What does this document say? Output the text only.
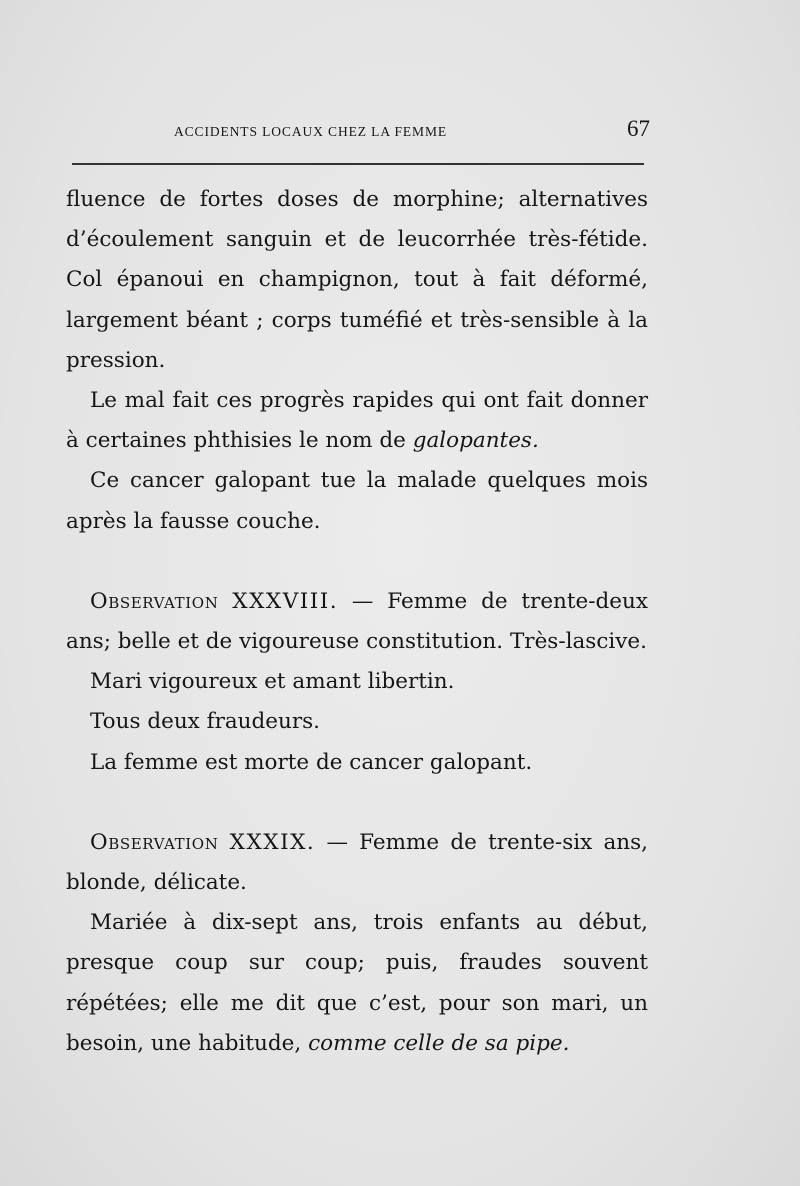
ACCIDENTS LOCAUX CHEZ LA FEMME	67

fluence de fortes doses de morphine; alternatives d’écoulement sanguin et de leucorrhée très-fétide. Col épanoui en champignon, tout à fait déformé, largement béant ; corps tuméfié et très-sensible à la pression.

Le mal fait ces progrès rapides qui ont fait donner à certaines phthisies le nom de galopantes.

Ce cancer galopant tue la malade quelques mois après la fausse couche.

Observation XXXVIII. — Femme de trente-deux ans; belle et de vigoureuse constitution. Très-lascive.

Mari vigoureux et amant libertin.

Tous deux fraudeurs.

La femme est morte de cancer galopant.

Observation XXXIX. — Femme de trente-six ans, blonde, délicate.

Mariée à dix-sept ans, trois enfants au début, presque coup sur coup; puis, fraudes souvent répétées; elle me dit que c’est, pour son mari, un besoin, une habitude, comme celle de sa pipe.
